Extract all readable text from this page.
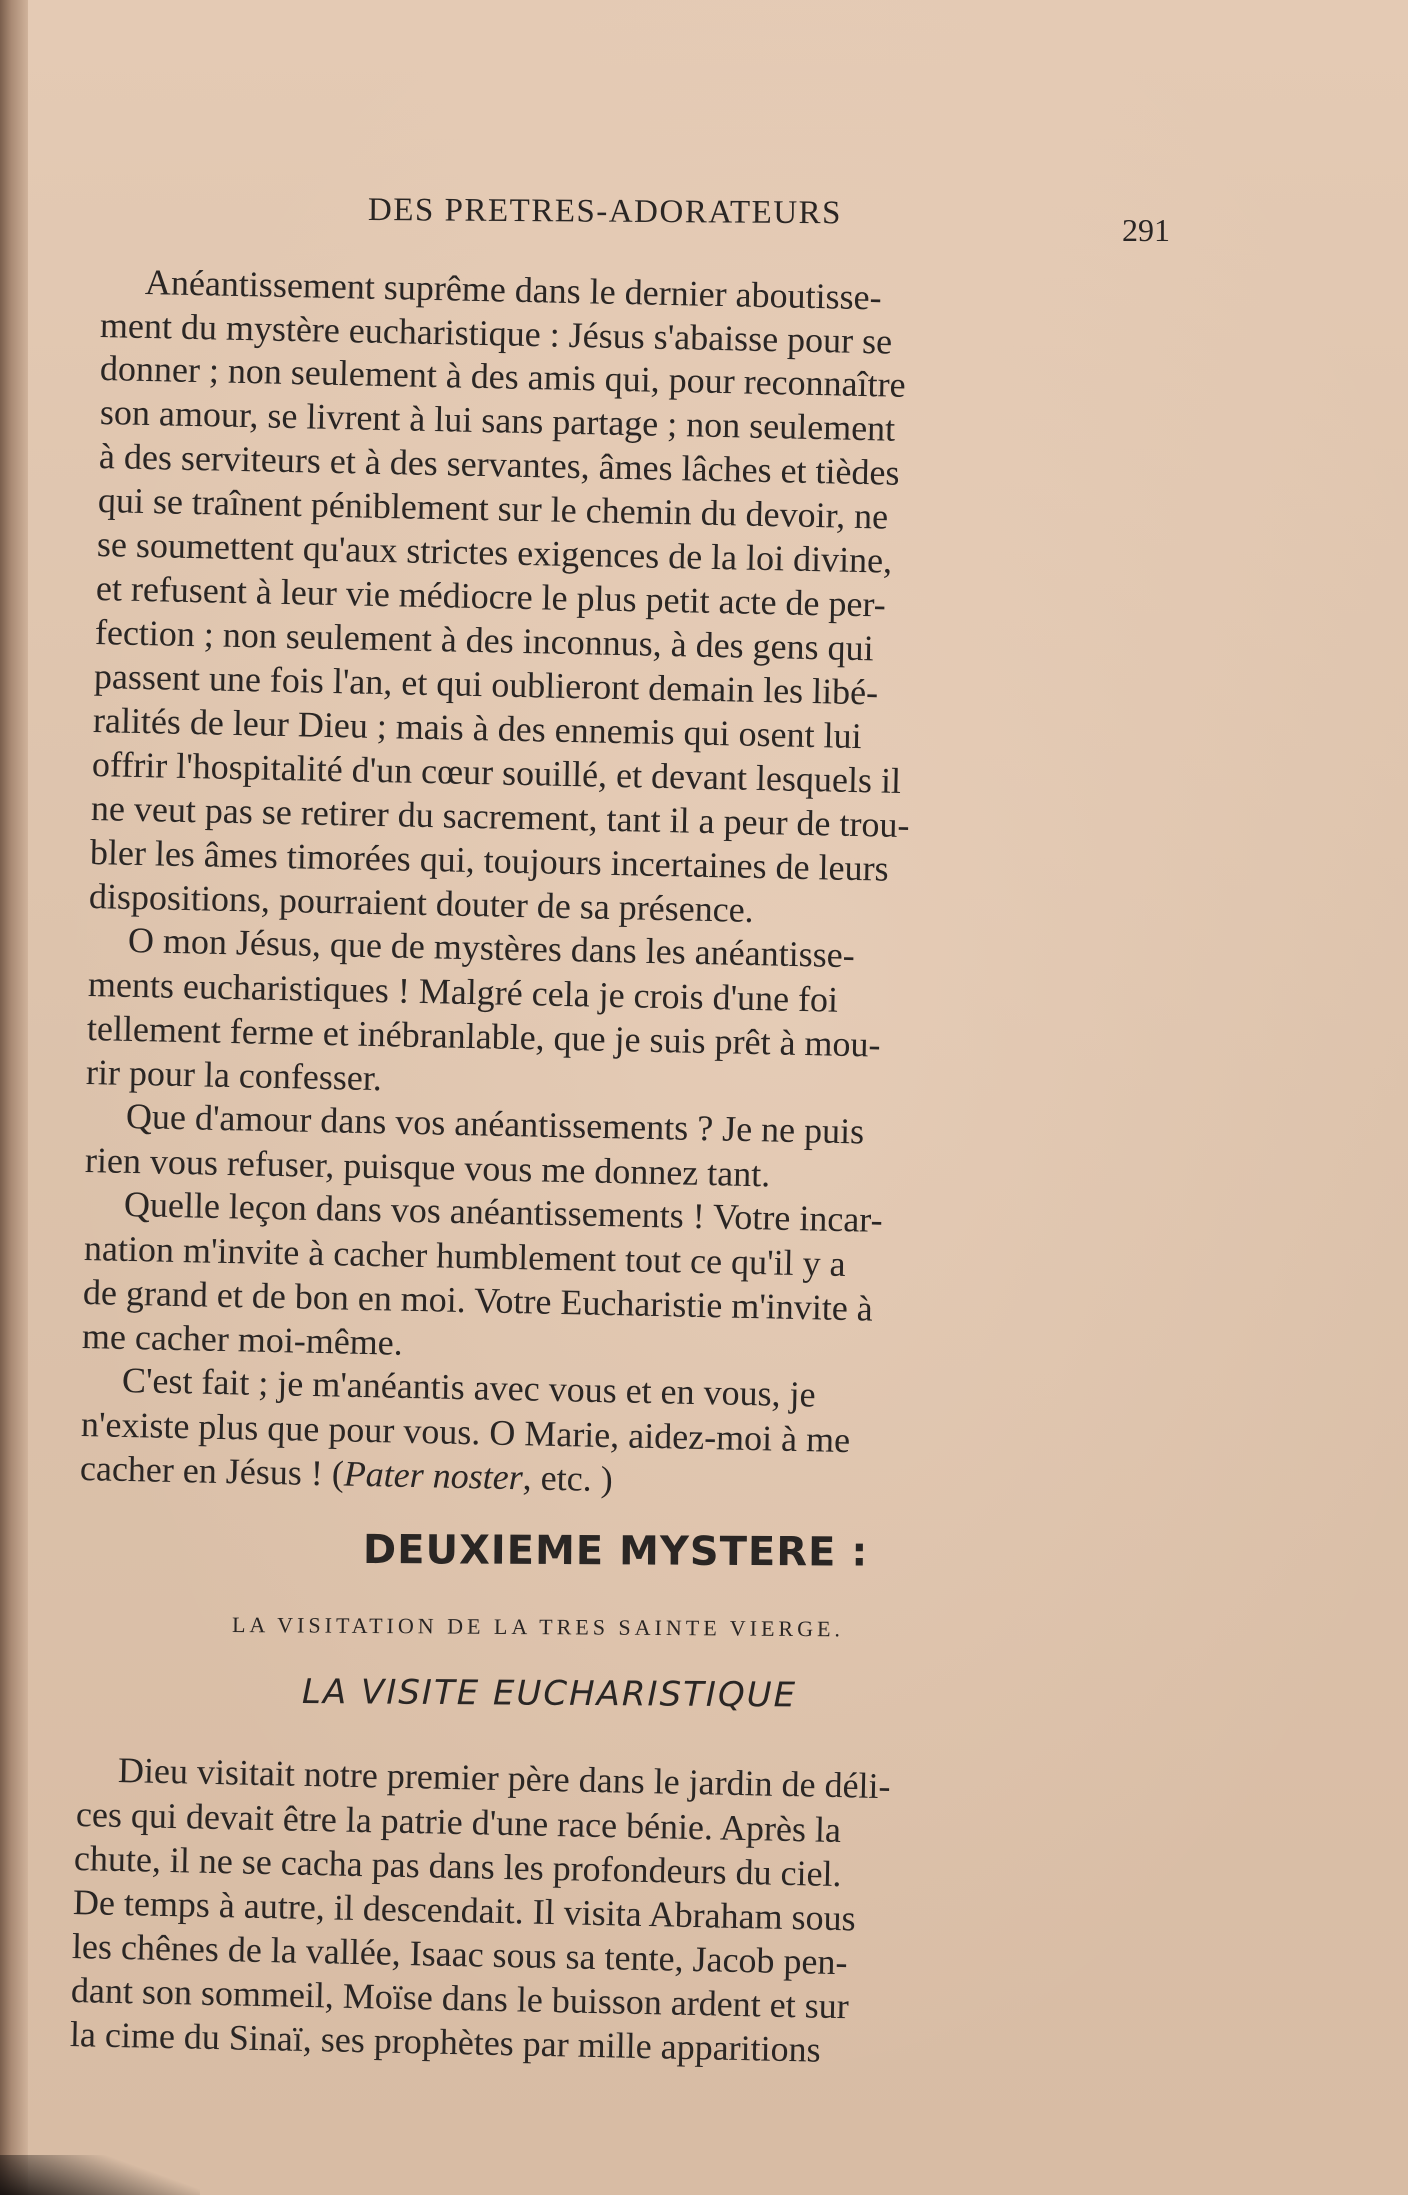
DES PRETRES-ADORATEURS	291
Anéantissement suprême dans le dernier aboutisse-
ment du mystère eucharistique : Jésus s'abaisse pour se
donner ; non seulement à des amis qui, pour reconnaître
son amour, se livrent à lui sans partage ; non seulement
à des serviteurs et à des servantes, âmes lâches et tièdes
qui se traînent péniblement sur le chemin du devoir, ne
se soumettent qu'aux strictes exigences de la loi divine,
et refusent à leur vie médiocre le plus petit acte de per-
fection ; non seulement à des inconnus, à des gens qui
passent une fois l'an, et qui oublieront demain les libé-
ralités de leur Dieu ; mais à des ennemis qui osent lui
offrir l'hospitalité d'un cœur souillé, et devant lesquels il
ne veut pas se retirer du sacrement, tant il a peur de trou-
bler les âmes timorées qui, toujours incertaines de leurs
dispositions, pourraient douter de sa présence.
O mon Jésus, que de mystères dans les anéantisse-
ments eucharistiques ! Malgré cela je crois d'une foi
tellement ferme et inébranlable, que je suis prêt à mou-
rir pour la confesser.
Que d'amour dans vos anéantissements ? Je ne puis
rien vous refuser, puisque vous me donnez tant.
Quelle leçon dans vos anéantissements ! Votre incar-
nation m'invite à cacher humblement tout ce qu'il y a
de grand et de bon en moi. Votre Eucharistie m'invite à
me cacher moi-même.
C'est fait ; je m'anéantis avec vous et en vous, je
n'existe plus que pour vous. O Marie, aidez-moi à me
cacher en Jésus ! (Pater noster, etc. )
DEUXIEME MYSTERE :
LA VISITATION DE LA TRES SAINTE VIERGE.
LA VISITE EUCHARISTIQUE
Dieu visitait notre premier père dans le jardin de déli-
ces qui devait être la patrie d'une race bénie. Après la
chute, il ne se cacha pas dans les profondeurs du ciel.
De temps à autre, il descendait. Il visita Abraham sous
les chênes de la vallée, Isaac sous sa tente, Jacob pen-
dant son sommeil, Moïse dans le buisson ardent et sur
la cime du Sinaï, ses prophètes par mille apparitions
